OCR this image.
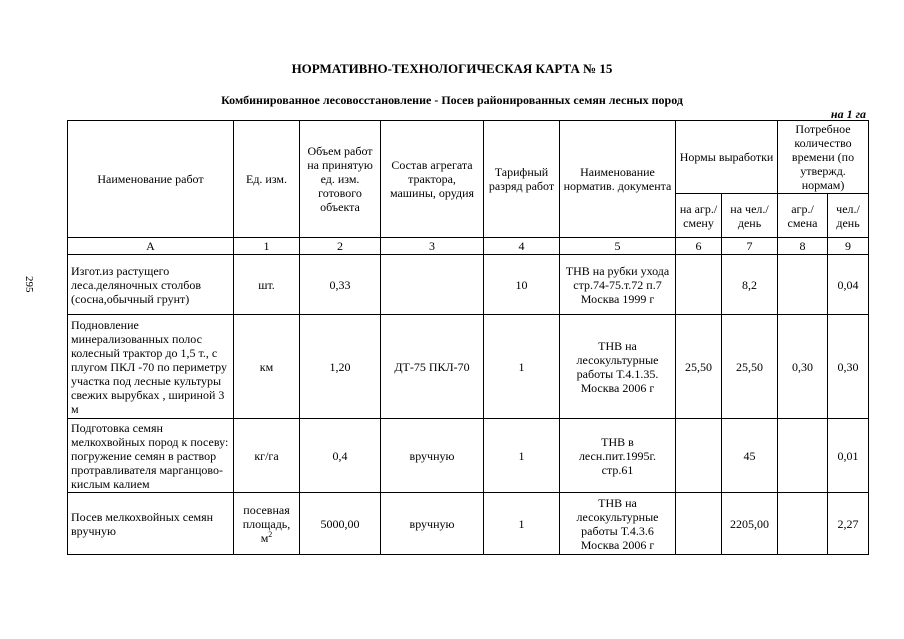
295
НОРМАТИВНО-ТЕХНОЛОГИЧЕСКАЯ КАРТА № 15
Комбинированное лесовосстановление - Посев районированных семян лесных пород
на 1 га
Наименование работ	Ед. изм.	Объем работ на принятую ед. изм. готового объекта	Состав агрегата трактора, машины, орудия	Тарифный разряд работ	Наименование норматив. документа	Нормы выработки		Потребное количество времени (по утвержд. нормам)	
						на агр./ смену	на чел./ день	агр./ смена	чел./ день
А	1	2	3	4	5	6	7	8	9
Изгот.из растущего леса.деляночных столбов (сосна,обычный грунт)	шт.	0,33		10	ТНВ на рубки ухода стр.74-75.т.72 п.7 Москва 1999 г		8,2		0,04
Подновление минерализованных полос колесный трактор до 1,5 т., с плугом ПКЛ -70 по периметру участка под лесные культуры свежих вырубках , шириной 3 м	км	1,20	ДТ-75 ПКЛ-70	1	ТНВ на лесокультурные работы Т.4.1.35. Москва 2006 г	25,50	25,50	0,30	0,30
Подготовка семян мелкохвойных пород к посеву: погружение семян в раствор протравливателя марганцово-кислым калием	кг/га	0,4	вручную	1	ТНВ в лесн.пит.1995г. стр.61		45		0,01
Посев мелкохвойных семян вручную	посевная площадь, $м^2$	5000,00	вручную	1	ТНВ на лесокультурные работы Т.4.3.6 Москва 2006 г		2205,00		2,27
